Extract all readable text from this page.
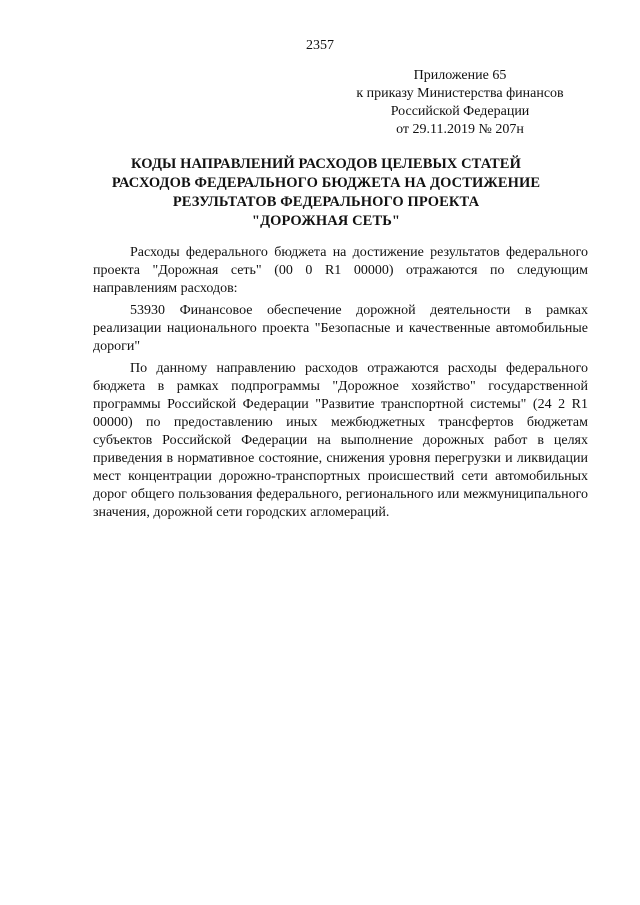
2357
Приложение 65
к приказу Министерства финансов
Российской Федерации
от 29.11.2019 № 207н
КОДЫ НАПРАВЛЕНИЙ РАСХОДОВ ЦЕЛЕВЫХ СТАТЕЙ
РАСХОДОВ ФЕДЕРАЛЬНОГО БЮДЖЕТА НА ДОСТИЖЕНИЕ
РЕЗУЛЬТАТОВ ФЕДЕРАЛЬНОГО ПРОЕКТА
"ДОРОЖНАЯ СЕТЬ"

Расходы федерального бюджета на достижение результатов федерального проекта "Дорожная сеть" (00 0 R1 00000) отражаются по следующим направлениям расходов:

53930 Финансовое обеспечение дорожной деятельности в рамках реализации национального проекта "Безопасные и качественные автомобильные дороги"

По данному направлению расходов отражаются расходы федерального бюджета в рамках подпрограммы "Дорожное хозяйство" государственной программы Российской Федерации "Развитие транспортной системы" (24 2 R1 00000) по предоставлению иных межбюджетных трансфертов бюджетам субъектов Российской Федерации на выполнение дорожных работ в целях приведения в нормативное состояние, снижения уровня перегрузки и ликвидации мест концентрации дорожно-транспортных происшествий сети автомобильных дорог общего пользования федерального, регионального или межмуниципального значения, дорожной сети городских агломераций.
